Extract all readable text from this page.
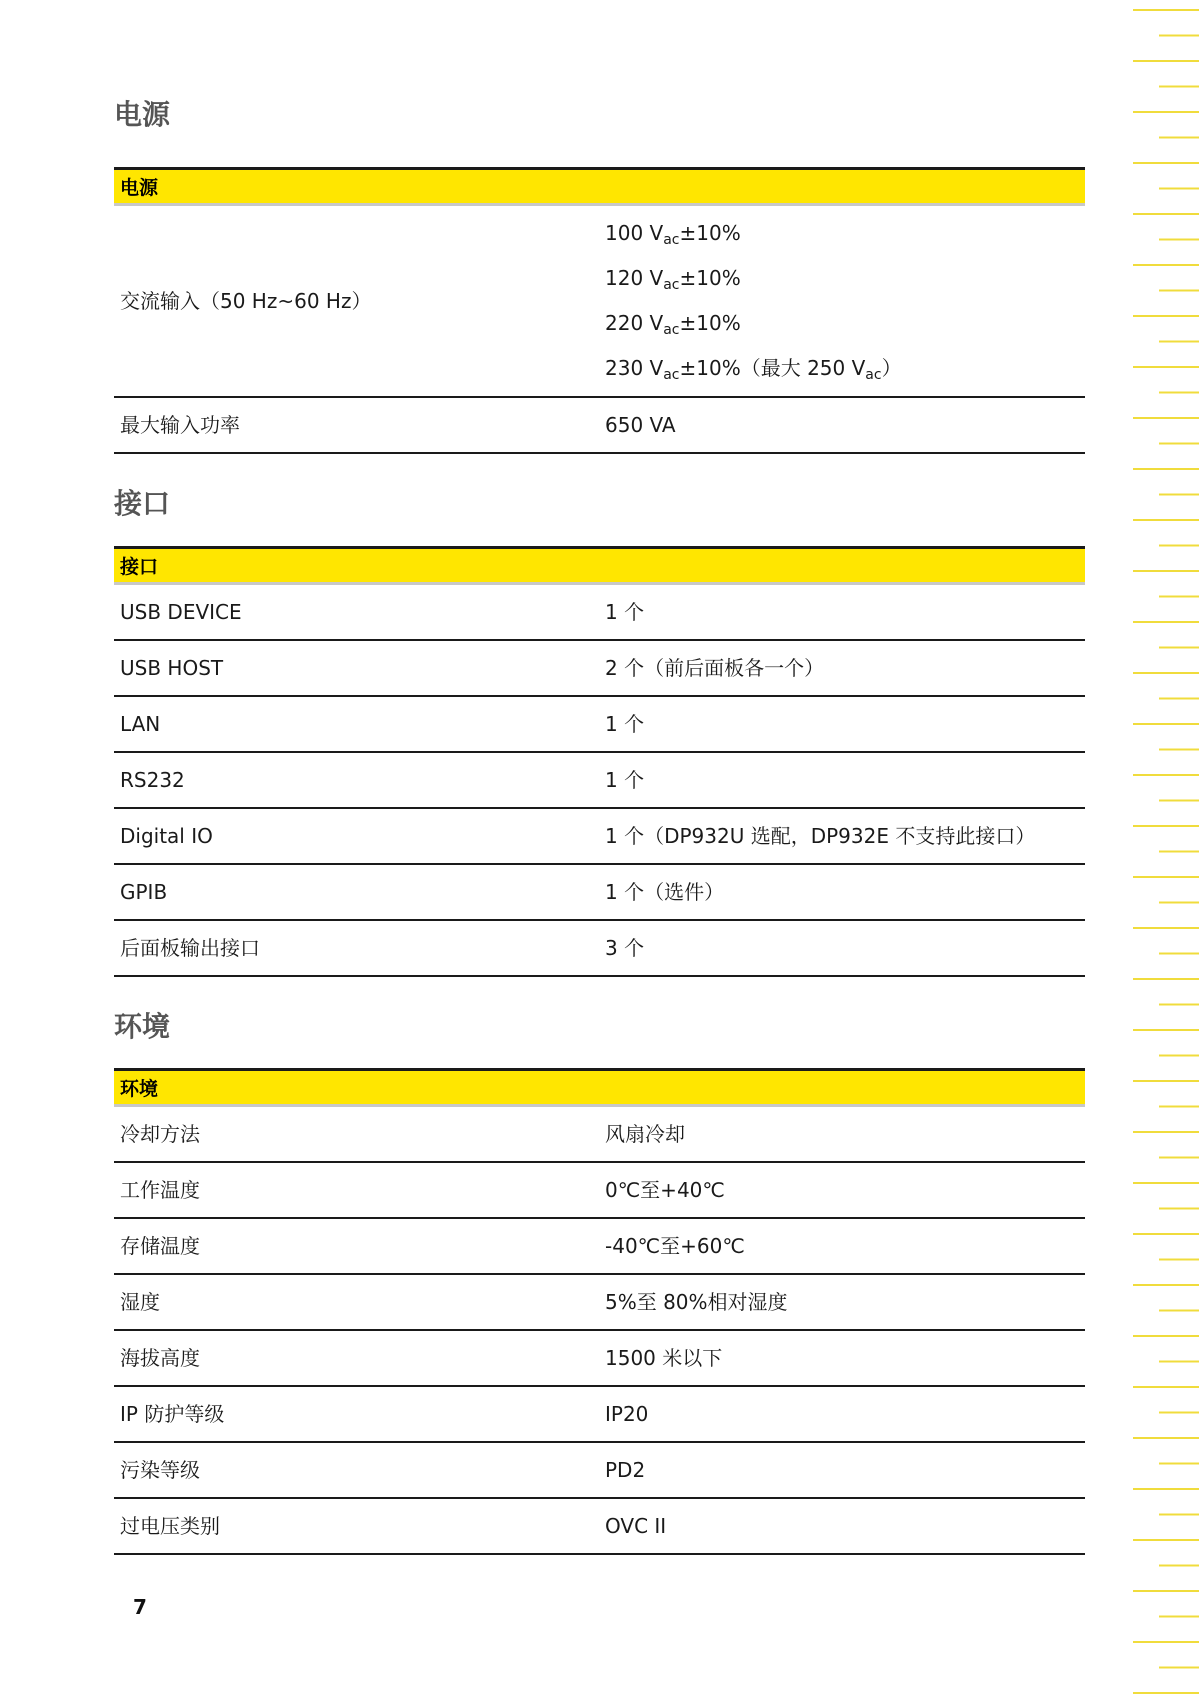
电源
电源	
交流输入（50 Hz~60 Hz）	100 $V_{ac}\pm 10\%$
120 $V_{ac}\pm 10\%$
220 $V_{ac}\pm 10\%$
230 $V_{ac}\pm 10\%$（最大 250 $V_{ac}$）

最大输入功率	650 VA
接口
接口	
USB DEVICE	1 个
USB HOST	2 个（前后面板各一个）
LAN	1 个
RS232	1 个
Digital IO	1 个（DP932U 选配，DP932E 不支持此接口）
GPIB	1 个（选件）
后面板输出接口	3 个
环境
环境	
冷却方法	风扇冷却
工作温度	0℃至+40℃
存储温度	-40℃至+60℃
湿度	5%至 80%相对湿度
海拔高度	1500 米以下
IP 防护等级	IP20
污染等级	PD2
过电压类别	OVC II
7
